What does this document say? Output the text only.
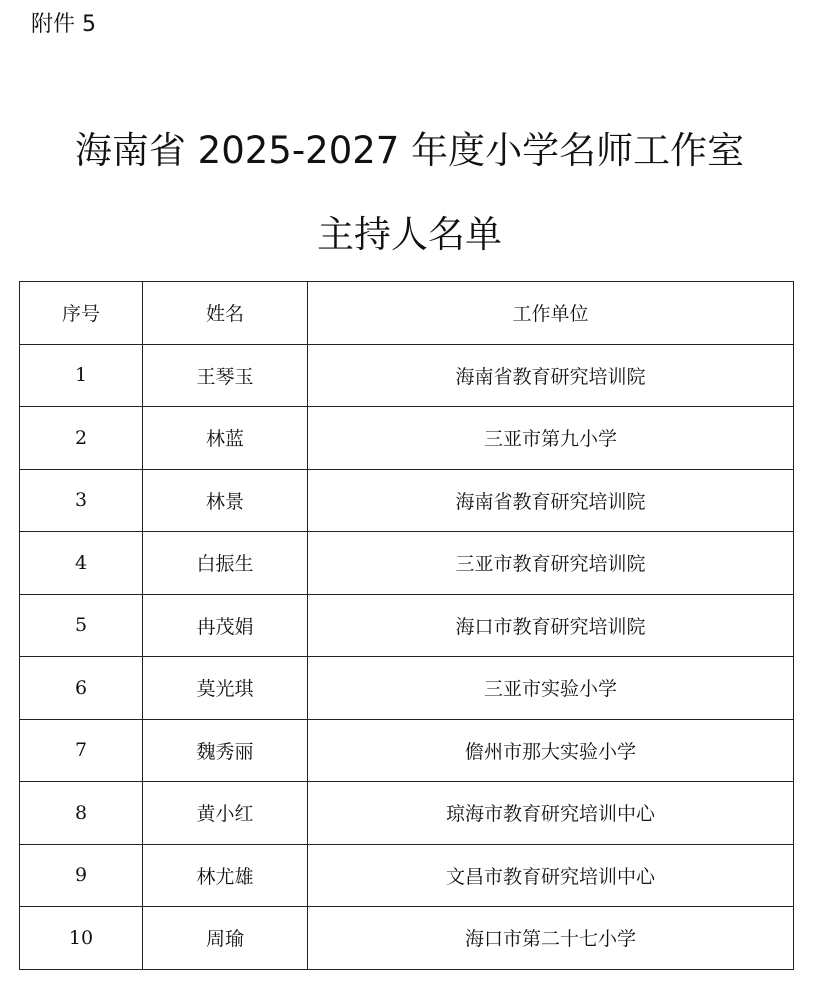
附件 5
海南省 2025-2027 年度小学名师工作室
主持人名单
序号	姓名	工作单位
1	王琴玉	海南省教育研究培训院
2	林蓝	三亚市第九小学
3	林景	海南省教育研究培训院
4	白振生	三亚市教育研究培训院
5	冉茂娟	海口市教育研究培训院
6	莫光琪	三亚市实验小学
7	魏秀丽	儋州市那大实验小学
8	黄小红	琼海市教育研究培训中心
9	林尤雄	文昌市教育研究培训中心
10	周瑜	海口市第二十七小学
